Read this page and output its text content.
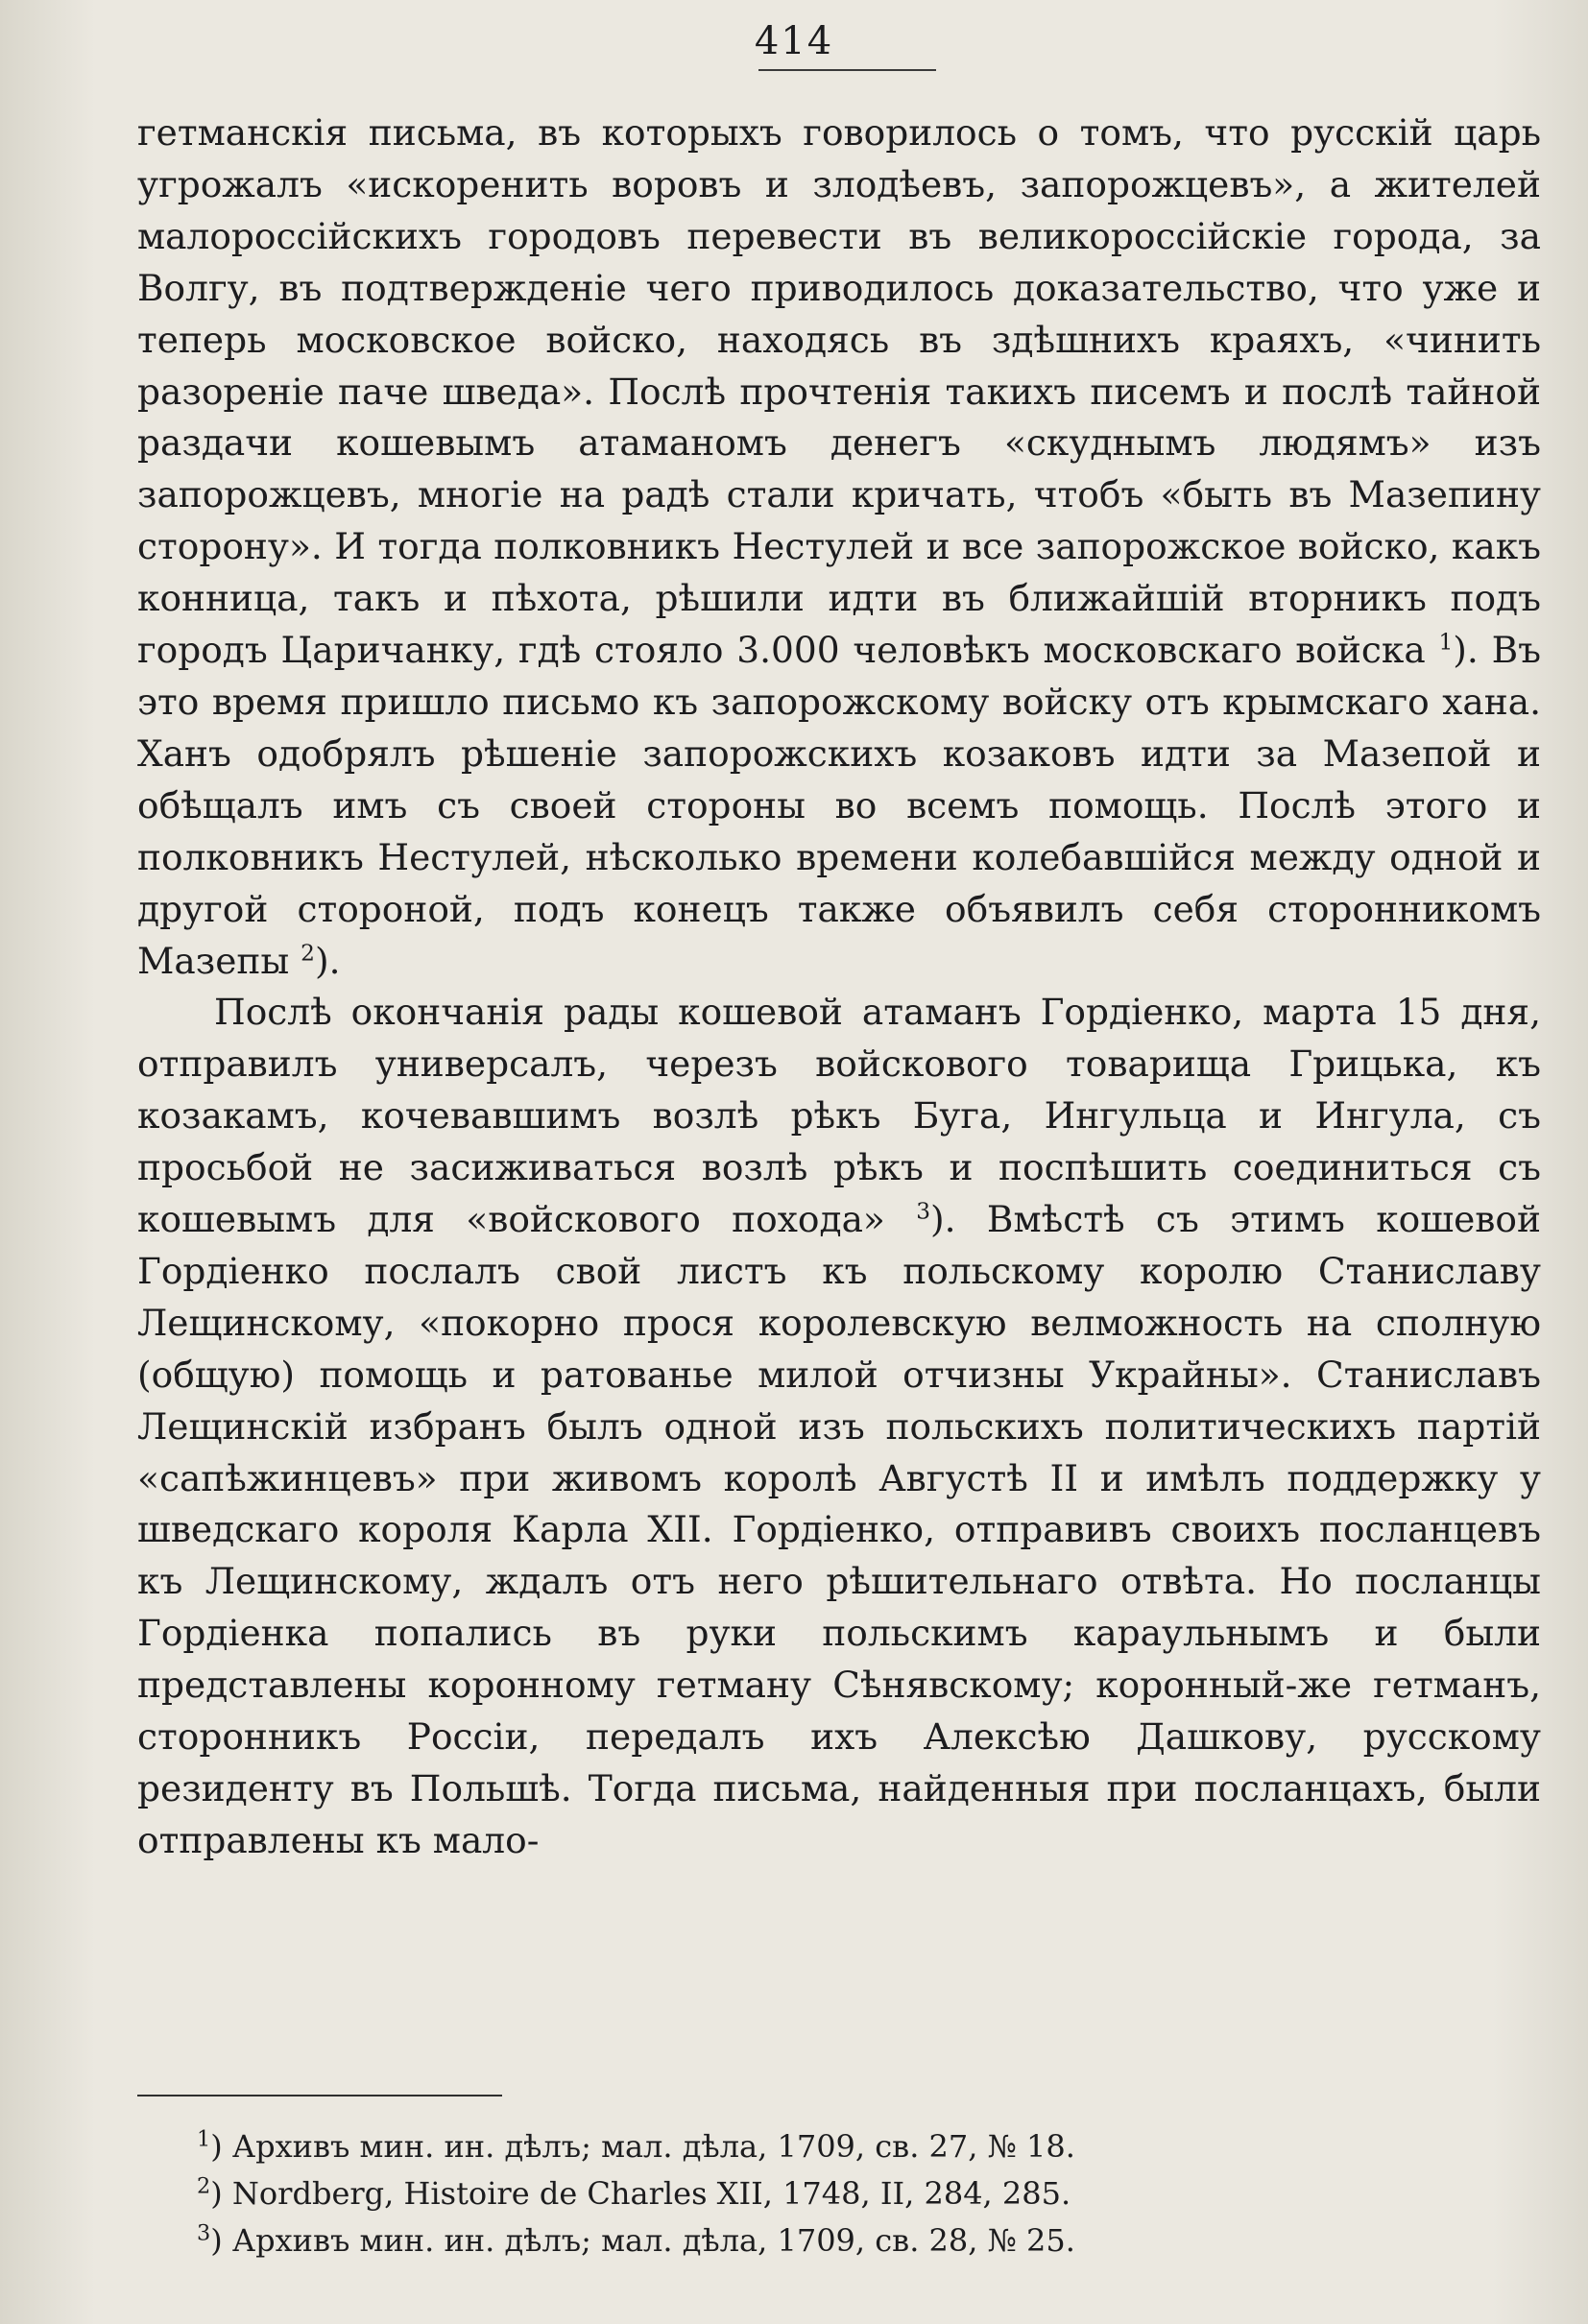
414

гетманскія письма, въ которыхъ говорилось о томъ, что русскій царь угрожалъ «искоренить воровъ и злодѣевъ, запорожцевъ», а жителей малороссійскихъ городовъ перевести въ великороссійскіе города, за Волгу, въ подтвержденіе чего приводилось доказательство, что уже и теперь московское войско, находясь въ здѣшнихъ краяхъ, «чинить разореніе паче шведа». Послѣ прочтенія такихъ писемъ и послѣ тайной раздачи кошевымъ атаманомъ денегъ «скуднымъ людямъ» изъ запорожцевъ, многіе на радѣ стали кричать, чтобъ «быть въ Мазепину сторону». И тогда полковникъ Нестулей и все запорожское войско, какъ конница, такъ и пѣхота, рѣшили идти въ ближайшій вторникъ подъ городъ Царичанку, гдѣ стояло 3.000 человѣкъ московскаго войска $^1$). Въ это время пришло письмо къ запорожскому войску отъ крымскаго хана. Ханъ одобрялъ рѣшеніе запорожскихъ козаковъ идти за Мазепой и обѣщалъ имъ съ своей стороны во всемъ помощь. Послѣ этого и полковникъ Нестулей, нѣсколько времени колебавшійся между одной и другой стороной, подъ конецъ также объявилъ себя сторонникомъ Мазепы $^2$).

Послѣ окончанія рады кошевой атаманъ Гордіенко, марта 15 дня, отправилъ универсалъ, черезъ войскового товарища Грицька, къ козакамъ, кочевавшимъ возлѣ рѣкъ Буга, Ингульца и Ингула, съ просьбой не засиживаться возлѣ рѣкъ и поспѣшить соединиться съ кошевымъ для «войскового похода» $^3$). Вмѣстѣ съ этимъ кошевой Гордіенко послалъ свой листъ къ польскому королю Станиславу Лещинскому, «покорно прося королевскую велможность на сполную (общую) помощь и ратованье милой отчизны Украйны». Станиславъ Лещинскій избранъ былъ одной изъ польскихъ политическихъ партій «сапѣжинцевъ» при живомъ королѣ Августѣ II и имѣлъ поддержку у шведскаго короля Карла XII. Гордіенко, отправивъ своихъ посланцевъ къ Лещинскому, ждалъ отъ него рѣшительнаго отвѣта. Но посланцы Гордіенка попались въ руки польскимъ караульнымъ и были представлены коронному гетману Сѣнявскому; коронный-же гетманъ, сторонникъ Россіи, передалъ ихъ Алексѣю Дашкову, русскому резиденту въ Польшѣ. Тогда письма, найденныя при посланцахъ, были отправлены къ мало-

$^1$) Архивъ мин. ин. дѣлъ; мал. дѣла, 1709, св. 27, № 18.
$^2$) Nordberg, Histoire de Charles XII, 1748, II, 284, 285.
$^3$) Архивъ мин. ин. дѣлъ; мал. дѣла, 1709, св. 28, № 25.
